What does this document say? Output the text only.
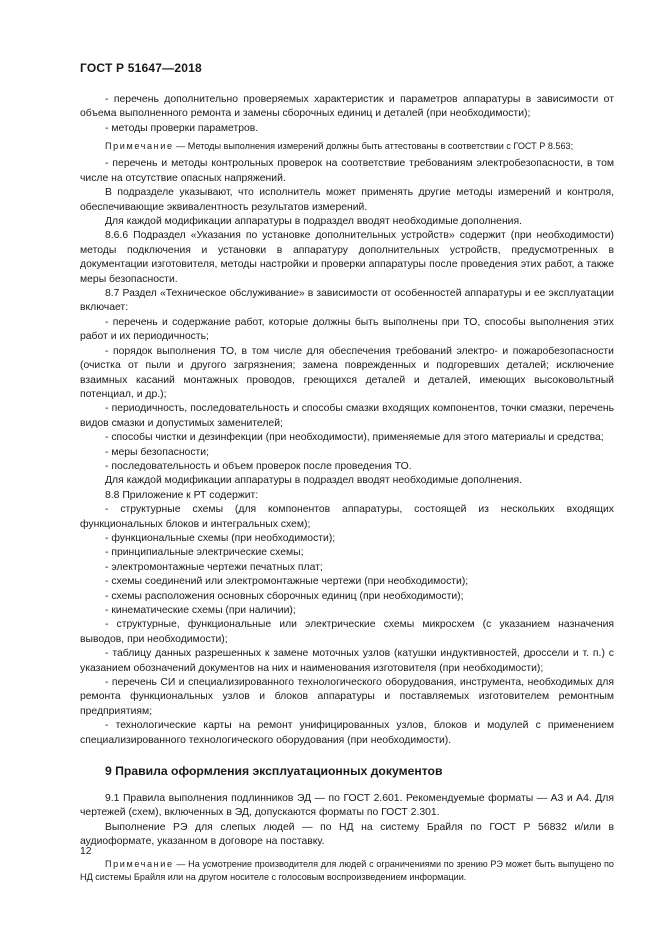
ГОСТ Р 51647—2018

- перечень дополнительно проверяемых характеристик и параметров аппаратуры в зависимости от объема выполненного ремонта и замены сборочных единиц и деталей (при необходимости);

- методы проверки параметров.

Примечание — Методы выполнения измерений должны быть аттестованы в соответствии с ГОСТ Р 8.563;

- перечень и методы контрольных проверок на соответствие требованиям электробезопасности, в том числе на отсутствие опасных напряжений.

В подразделе указывают, что исполнитель может применять другие методы измерений и контроля, обеспечивающие эквивалентность результатов измерений.

Для каждой модификации аппаратуры в подраздел вводят необходимые дополнения.

8.6.6 Подраздел «Указания по установке дополнительных устройств» содержит (при необходимости) методы подключения и установки в аппаратуру дополнительных устройств, предусмотренных в документации изготовителя, методы настройки и проверки аппаратуры после проведения этих работ, а также меры безопасности.

8.7 Раздел «Техническое обслуживание» в зависимости от особенностей аппаратуры и ее эксплуатации включает:

- перечень и содержание работ, которые должны быть выполнены при ТО, способы выполнения этих работ и их периодичность;

- порядок выполнения ТО, в том числе для обеспечения требований электро- и пожаробезопасности (очистка от пыли и другого загрязнения; замена поврежденных и подгоревших деталей; исключение взаимных касаний монтажных проводов, греющихся деталей и деталей, имеющих высоковольтный потенциал, и др.);

- периодичность, последовательность и способы смазки входящих компонентов, точки смазки, перечень видов смазки и допустимых заменителей;

- способы чистки и дезинфекции (при необходимости), применяемые для этого материалы и средства;

- меры безопасности;

- последовательность и объем проверок после проведения ТО.

Для каждой модификации аппаратуры в подраздел вводят необходимые дополнения.

8.8 Приложение к РТ содержит:

- структурные схемы (для компонентов аппаратуры, состоящей из нескольких входящих функциональных блоков и интегральных схем);

- функциональные схемы (при необходимости);

- принципиальные электрические схемы;

- электромонтажные чертежи печатных плат;

- схемы соединений или электромонтажные чертежи (при необходимости);

- схемы расположения основных сборочных единиц (при необходимости);

- кинематические схемы (при наличии);

- структурные, функциональные или электрические схемы микросхем (с указанием назначения выводов, при необходимости);

- таблицу данных разрешенных к замене моточных узлов (катушки индуктивностей, дроссели и т. п.) с указанием обозначений документов на них и наименования изготовителя (при необходимости);

- перечень СИ и специализированного технологического оборудования, инструмента, необходимых для ремонта функциональных узлов и блоков аппаратуры и поставляемых изготовителем ремонтным предприятиям;

- технологические карты на ремонт унифицированных узлов, блоков и модулей с применением специализированного технологического оборудования (при необходимости).

9 Правила оформления эксплуатационных документов

9.1 Правила выполнения подлинников ЭД — по ГОСТ 2.601. Рекомендуемые форматы — А3 и А4. Для чертежей (схем), включенных в ЭД, допускаются форматы по ГОСТ 2.301.

Выполнение РЭ для слепых людей — по НД на систему Брайля по ГОСТ Р 56832 и/или в аудиоформате, указанном в договоре на поставку.

Примечание — На усмотрение производителя для людей с ограничениями по зрению РЭ может быть выпущено по НД системы Брайля или на другом носителе с голосовым воспроизведением информации.

12
